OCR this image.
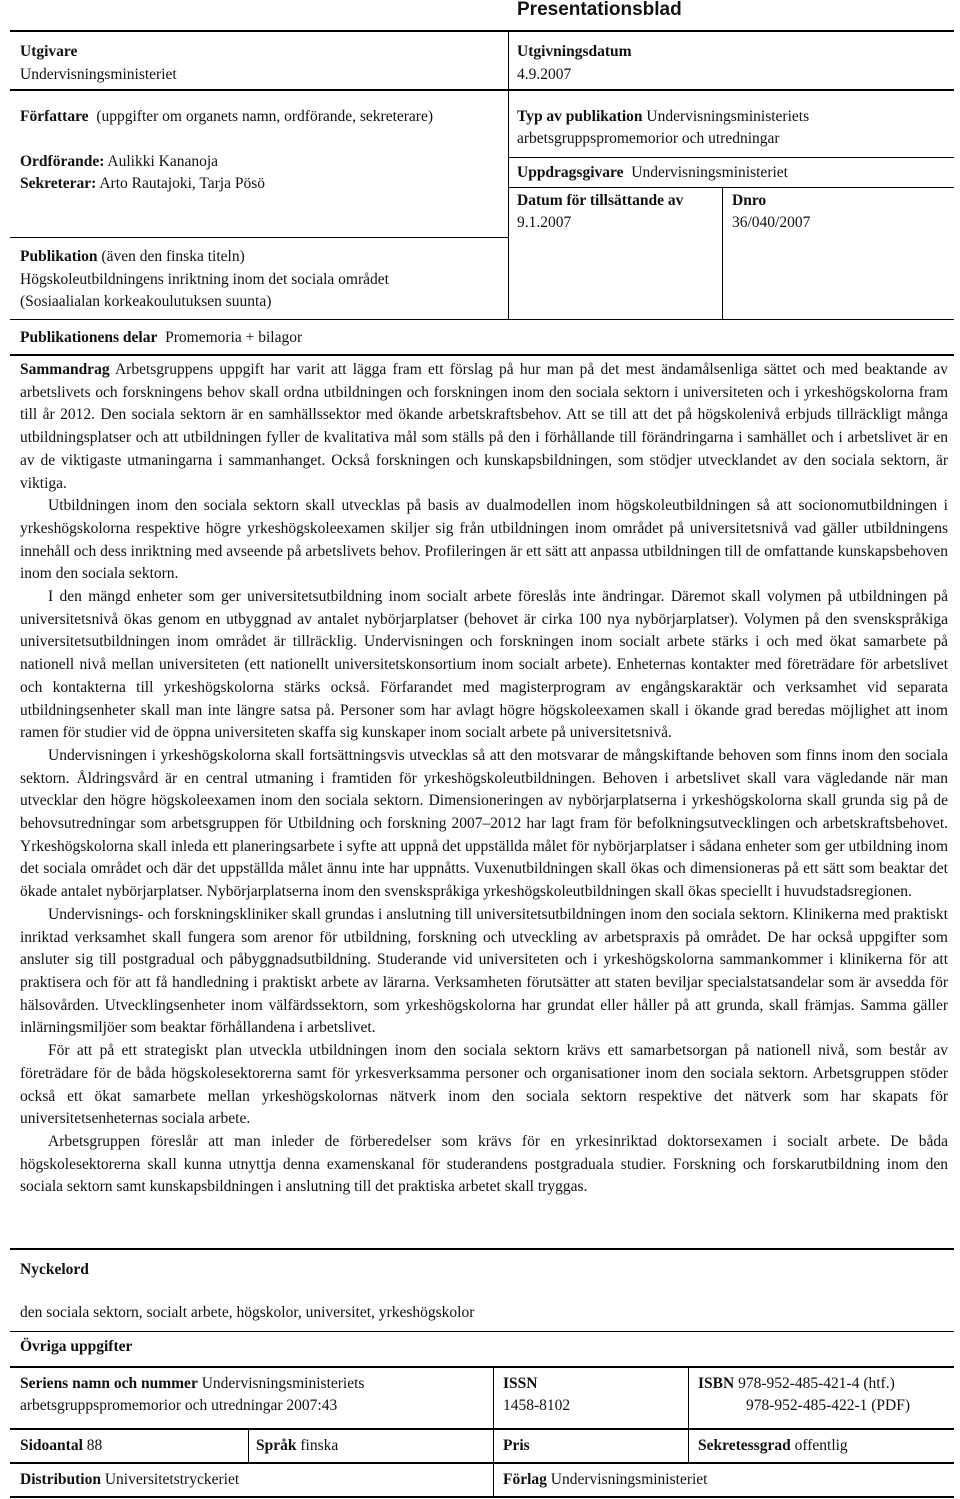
Presentationsblad
Utgivare
Undervisningsministeriet
Utgivningsdatum
4.9.2007
Författare (uppgifter om organets namn, ordförande, sekreterare)
Ordförande: Aulikki Kananoja
Sekreterar: Arto Rautajoki, Tarja Pösö
Typ av publikation Undervisningsministeriets
arbetsgruppspromemorior och utredningar
Uppdragsgivare Undervisningsministeriet
Datum för tillsättande av
9.1.2007
Dnro
36/040/2007
Publikation (även den finska titeln)
Högskoleutbildningens inriktning inom det sociala området
(Sosiaalialan korkeakoulutuksen suunta)
Publikationens delar Promemoria + bilagor

Sammandrag Arbetsgruppens uppgift har varit att lägga fram ett förslag på hur man på det mest ändamålsenliga sättet och med beaktande av arbetslivets och forskningens behov skall ordna utbildningen och forskningen inom den sociala sektorn i universiteten och i yrkeshögskolorna fram till år 2012. Den sociala sektorn är en samhällssektor med ökande arbetskraftsbehov. Att se till att det på högskolenivå erbjuds tillräckligt många utbildningsplatser och att utbildningen fyller de kvalitativa mål som ställs på den i förhållande till förändringarna i samhället och i arbetslivet är en av de viktigaste utmaningarna i sammanhanget. Också forskningen och kunskapsbildningen, som stödjer utvecklandet av den sociala sektorn, är viktiga.

Utbildningen inom den sociala sektorn skall utvecklas på basis av dualmodellen inom högskoleutbildningen så att socionomutbildningen i yrkeshögskolorna respektive högre yrkeshögskoleexamen skiljer sig från utbildningen inom området på universitetsnivå vad gäller utbildningens innehåll och dess inriktning med avseende på arbetslivets behov. Profileringen är ett sätt att anpassa utbildningen till de omfattande kunskapsbehoven inom den sociala sektorn.

I den mängd enheter som ger universitetsutbildning inom socialt arbete föreslås inte ändringar. Däremot skall volymen på utbildningen på universitetsnivå ökas genom en utbyggnad av antalet nybörjarplatser (behovet är cirka 100 nya nybörjarplatser). Volymen på den svenskspråkiga universitetsutbildningen inom området är tillräcklig. Undervisningen och forskningen inom socialt arbete stärks i och med ökat samarbete på nationell nivå mellan universiteten (ett nationellt universitetskonsortium inom socialt arbete). Enheternas kontakter med företrädare för arbetslivet och kontakterna till yrkeshögskolorna stärks också. Förfarandet med magisterprogram av engångskaraktär och verksamhet vid separata utbildningsenheter skall man inte längre satsa på. Personer som har avlagt högre högskoleexamen skall i ökande grad beredas möjlighet att inom ramen för studier vid de öppna universiteten skaffa sig kunskaper inom socialt arbete på universitetsnivå.

Undervisningen i yrkeshögskolorna skall fortsättningsvis utvecklas så att den motsvarar de mångskiftande behoven som finns inom den sociala sektorn. Åldringsvård är en central utmaning i framtiden för yrkeshögskoleutbildningen. Behoven i arbetslivet skall vara vägledande när man utvecklar den högre högskoleexamen inom den sociala sektorn. Dimensioneringen av nybörjarplatserna i yrkeshögskolorna skall grunda sig på de behovsutredningar som arbetsgruppen för Utbildning och forskning 2007–2012 har lagt fram för befolkningsutvecklingen och arbetskraftsbehovet. Yrkeshögskolorna skall inleda ett planeringsarbete i syfte att uppnå det uppställda målet för nybörjarplatser i sådana enheter som ger utbildning inom det sociala området och där det uppställda målet ännu inte har uppnåtts. Vuxenutbildningen skall ökas och dimensioneras på ett sätt som beaktar det ökade antalet nybörjarplatser. Nybörjarplatserna inom den svenskspråkiga yrkeshögskoleutbildningen skall ökas speciellt i huvudstadsregionen.

Undervisnings- och forskningskliniker skall grundas i anslutning till universitetsutbildningen inom den sociala sektorn. Klinikerna med praktiskt inriktad verksamhet skall fungera som arenor för utbildning, forskning och utveckling av arbetspraxis på området. De har också uppgifter som ansluter sig till postgradual och påbyggnadsutbildning. Studerande vid universiteten och i yrkeshögskolorna sammankommer i klinikerna för att praktisera och för att få handledning i praktiskt arbete av lärarna. Verksamheten förutsätter att staten beviljar specialstatsandelar som är avsedda för hälsovården. Utvecklingsenheter inom välfärdssektorn, som yrkeshögskolorna har grundat eller håller på att grunda, skall främjas. Samma gäller inlärningsmiljöer som beaktar förhållandena i arbetslivet.

För att på ett strategiskt plan utveckla utbildningen inom den sociala sektorn krävs ett samarbetsorgan på nationell nivå, som består av företrädare för de båda högskolesektorerna samt för yrkesverksamma personer och organisationer inom den sociala sektorn. Arbetsgruppen stöder också ett ökat samarbete mellan yrkeshögskolornas nätverk inom den sociala sektorn respektive det nätverk som har skapats för universitetsenheternas sociala arbete.

Arbetsgruppen föreslår att man inleder de förberedelser som krävs för en yrkesinriktad doktorsexamen i socialt arbete. De båda högskolesektorerna skall kunna utnyttja denna examenskanal för studerandens postgraduala studier. Forskning och forskarutbildning inom den sociala sektorn samt kunskapsbildningen i anslutning till det praktiska arbetet skall tryggas.

Nyckelord
den sociala sektorn, socialt arbete, högskolor, universitet, yrkeshögskolor
Övriga uppgifter
Seriens namn och nummer Undervisningsministeriets
arbetsgruppspromemorior och utredningar 2007:43
ISSN
1458-8102
ISBN 978-952-485-421-4 (htf.)
978-952-485-422-1 (PDF)
Sidoantal 88	Språk finska	Pris	Sekretessgrad offentlig
Distribution Universitetstryckeriet	Förlag Undervisningsministeriet
